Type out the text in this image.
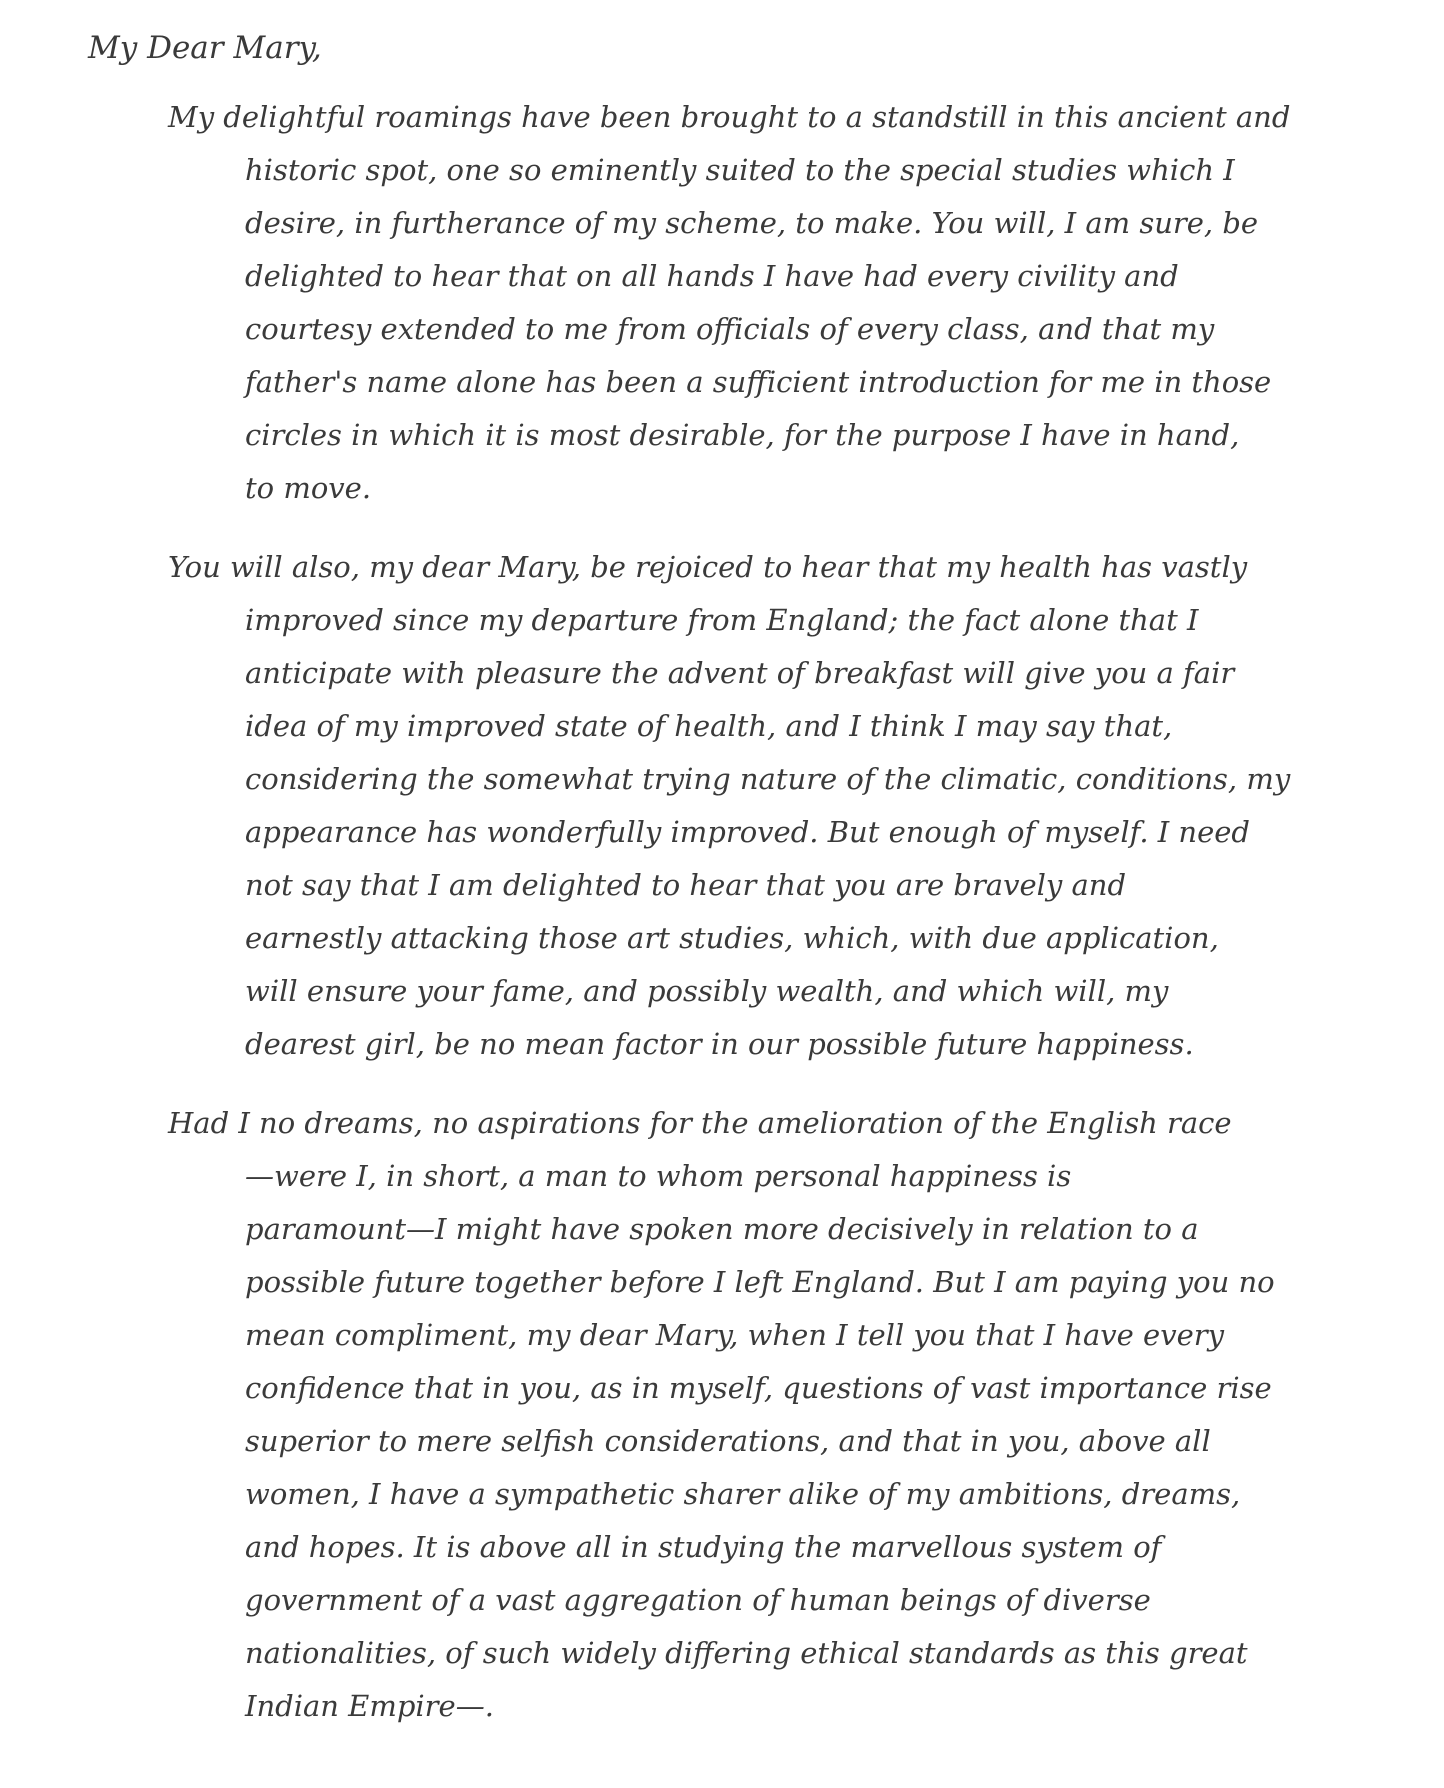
My Dear Mary,
My delightful roamings have been brought to a standstill in this ancient and
historic spot, one so eminently suited to the special studies which I
desire, in furtherance of my scheme, to make. You will, I am sure, be
delighted to hear that on all hands I have had every civility and
courtesy extended to me from officials of every class, and that my
father's name alone has been a sufficient introduction for me in those
circles in which it is most desirable, for the purpose I have in hand,
to move.
You will also, my dear Mary, be rejoiced to hear that my health has vastly
improved since my departure from England; the fact alone that I
anticipate with pleasure the advent of breakfast will give you a fair
idea of my improved state of health, and I think I may say that,
considering the somewhat trying nature of the climatic, conditions, my
appearance has wonderfully improved. But enough of myself. I need
not say that I am delighted to hear that you are bravely and
earnestly attacking those art studies, which, with due application,
will ensure your fame, and possibly wealth, and which will, my
dearest girl, be no mean factor in our possible future happiness.
Had I no dreams, no aspirations for the amelioration of the English race
—were I, in short, a man to whom personal happiness is
paramount—I might have spoken more decisively in relation to a
possible future together before I left England. But I am paying you no
mean compliment, my dear Mary, when I tell you that I have every
confidence that in you, as in myself, questions of vast importance rise
superior to mere selfish considerations, and that in you, above all
women, I have a sympathetic sharer alike of my ambitions, dreams,
and hopes. It is above all in studying the marvellous system of
government of a vast aggregation of human beings of diverse
nationalities, of such widely differing ethical standards as this great
Indian Empire—.
